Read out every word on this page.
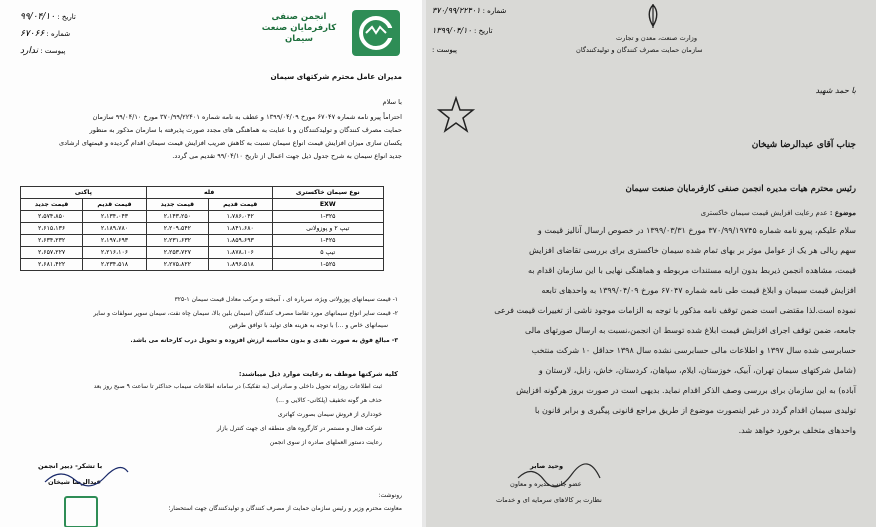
انجمن صنفی کارفرمایان صنعت سیمان
تاریخ : ۹۹/۰۴/۱۰
شماره : ۶۷۰۶۶
پیوست : ندارد
مدیران عامل محترم شرکتهای سیمان
با سلام
احتراماً پیرو نامه شماره ۶۷۰۴۷ مورخ ۱۳۹۹/۰۴/۰۹ و عطف به نامه شماره ۳۷۰/۹۹/۲۲۴۰۱ مورخ ۹۹/۰۴/۱۰ سازمان
حمایت مصرف کنندگان و تولیدکنندگان و با عنایت به هماهنگی های مجدد صورت پذیرفته با سازمان مذکور به منظور
یکسان سازی میزان افزایش قیمت انواع سیمان نسبت به کاهش ضریب افزایش قیمت سیمان اقدام گردیده و قیمتهای ارشادی
جدید انواع سیمان به شرح جدول ذیل جهت اعمال از تاریخ ۹۹/۰۴/۱۰ تقدیم می گردد.
نوع سیمان خاکستری	فله		پاکتی	
EXW	قیمت قدیم	قیمت جدید	قیمت قدیم	قیمت جدید
۱-۳۲۵	۱،۷۸۶،۰۴۲	۲،۱۴۳،۲۵۰	۲،۱۳۴،۰۴۳	۲،۵۷۴،۸۵۰
تیپ ۲ و پوزولانی	۱،۸۴۱،۶۸۰	۲،۲۰۹،۵۴۲	۲،۱۸۹،۷۸۰	۲،۶۱۵،۱۳۶
۱-۴۲۵	۱،۸۵۹،۶۹۳	۲،۲۳۱،۶۳۲	۲،۱۹۷،۶۹۳	۲،۶۳۴،۲۳۲
تیپ ۵	۱،۸۷۸،۱۰۶	۲،۲۵۳،۷۲۷	۲،۲۱۶،۱۰۶	۲،۶۵۷،۲۲۷
۱-۵۲۵	۱،۸۹۶،۵۱۸	۲،۲۷۵،۸۲۲	۲،۲۳۴،۵۱۸	۲،۶۸۱،۴۲۲
۱- قیمت سیمانهای پوزولانی ویژه، سرباره ای ، آمیخته و مرکب معادل قیمت سیمان ۱-۳۲۵
۲- قیمت سایر انواع سیمانهای مورد تقاضا مصرف کنندگان (سیمان بلین بالا، سیمان چاه نفت، سیمان سوپر سولفات و سایر
سیمانهای خاص و ...) با توجه به هزینه های تولید با توافق طرفین
۳- مبالغ فوق به صورت نقدی و بدون محاسبه ارزش افزوده و تحویل درب کارخانه می باشد.
کلیه شرکتها موظف به رعایت موارد ذیل میباشند:
ثبت اطلاعات روزانه تحویل داخلی و صادراتی (به تفکیک) در سامانه اطلاعات سیماب حداکثر تا ساعت ۹ صبح روز بعد
حذف هر گونه تخفیف (پلکانی- کالایی و ...)
خودداری از فروش سیمان بصورت کهاتری
شرکت فعال و مستمر در کارگروه های منطقه ای جهت کنترل بازار
رعایت دستور العملهای صادره از سوی انجمن
با تشکر- دبیر انجمن
عبدالرضا شیخان
رونوشت:
معاونت محترم وزیر و رئیس سازمان حمایت از مصرف کنندگان و تولیدکنندگان جهت استحضار؛
وزارت صنعت، معدن و تجارت
سازمان حمایت مصرف کنندگان و تولیدکنندگان
شماره : ۳۷۰/۹۹/۲۲۴۰۱
تاریخ : ۱۳۹۹/۰۴/۱۰
پیوست :
با حمد شهید
جناب آقای عبدالرضا شیخان
رئیس محترم هیات مدیره انجمن صنفی کارفرمایان صنعت سیمان
موضوع : عدم رعایت افزایش قیمت سیمان خاکستری
سلام علیکم، پیرو نامه شماره ۳۷۰/۹۹/۱۹۷۴۵ مورخ ۱۳۹۹/۰۳/۳۱ در خصوص ارسال آنالیز قیمت و
سهم ریالی هر یک از عوامل موثر بر بهای تمام شده سیمان خاکستری برای بررسی تقاضای افزایش
قیمت، مشاهده انجمن ذیربط بدون ارایه مستندات مربوطه و هماهنگی نهایی با این سازمان اقدام به
افزایش قیمت سیمان و ابلاغ قیمت طی نامه شماره ۶۷۰۴۷ مورخ ۱۳۹۹/۰۴/۰۹ به واحدهای تابعه
نموده است.لذا مقتضی است ضمن توقف نامه مذکور با توجه به الزامات موجود ناشی از تغییرات قیمت فرعی
جامعه، ضمن توقف اجرای افزایش قیمت ابلاغ شده توسط ان انجمن،نسبت به ارسال صورتهای مالی
حسابرسی شده سال ۱۳۹۷ و اطلاعات مالی حسابرسی نشده سال ۱۳۹۸ حداقل ۱۰ شرکت منتخب
(شامل شرکتهای سیمان تهران، آبیک، خوزستان، ایلام، سپاهان، کردستان، خاش، زابل، لارستان و
آباده) به این سازمان برای بررسی وصف الذکر اقدام نماید. بدیهی است در صورت بروز هرگونه افزایش
تولیدی سیمان اقدام گردد در غیر اینصورت موضوع از طریق مراجع قانونی پیگیری و برابر قانون با
واحدهای متخلف برخورد خواهد شد.
وحید صابر
عضو جانب مدیره و معاون
نظارت بر کالاهای سرمایه ای و خدمات
